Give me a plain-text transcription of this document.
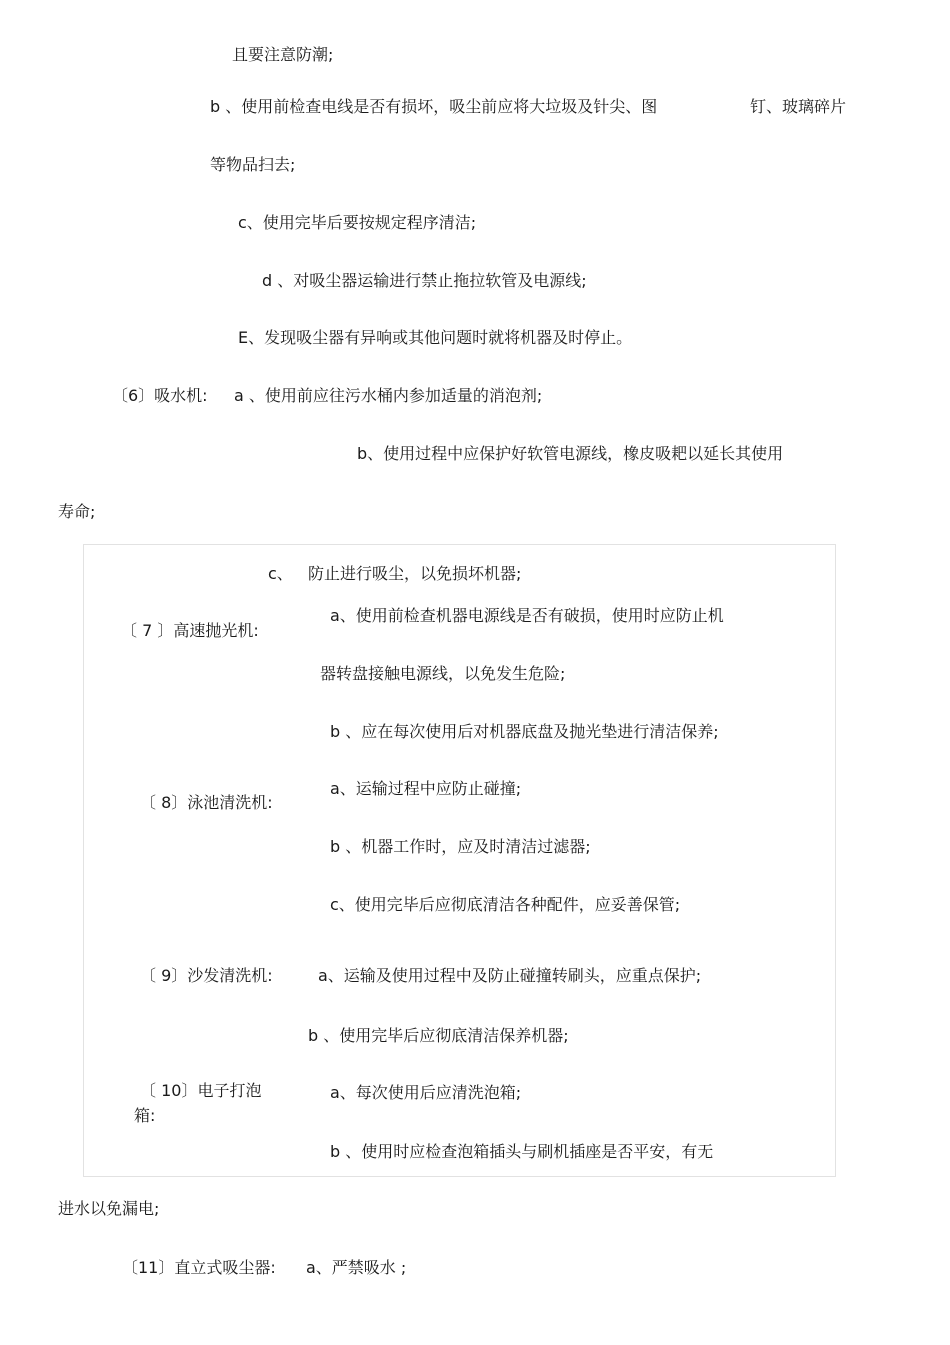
且要注意防潮;
b 、使用前检查电线是否有损坏，吸尘前应将大垃圾及针尖、图	钉、玻璃碎片
等物品扫去;
c、使用完毕后要按规定程序清洁;
d 、对吸尘器运输进行禁止拖拉软管及电源线;
E、发现吸尘器有异响或其他问题时就将机器及时停止。
〔6〕吸水机: a 、使用前应往污水桶内参加适量的消泡剂;
b、使用过程中应保护好软管电源线，橡皮吸耙以延长其使用
寿命;
c、 防止进行吸尘，以免损坏机器;
〔 7 〕高速抛光机:
a、使用前检查机器电源线是否有破损，使用时应防止机
器转盘接触电源线，以免发生危险;
b 、应在每次使用后对机器底盘及抛光垫进行清洁保养;
〔 8〕泳池清洗机:
a、运输过程中应防止碰撞;
b 、机器工作时，应及时清洁过滤器;
c、使用完毕后应彻底清洁各种配件，应妥善保管;
〔 9〕沙发清洗机:	a、运输及使用过程中及防止碰撞转刷头，应重点保护;
b 、使用完毕后应彻底清洁保养机器;
〔 10〕电子打泡
箱:
a、每次使用后应清洗泡箱;
b 、使用时应检查泡箱插头与刷机插座是否平安，有无
进水以免漏电;
〔11〕直立式吸尘器: a、严禁吸水 ;
